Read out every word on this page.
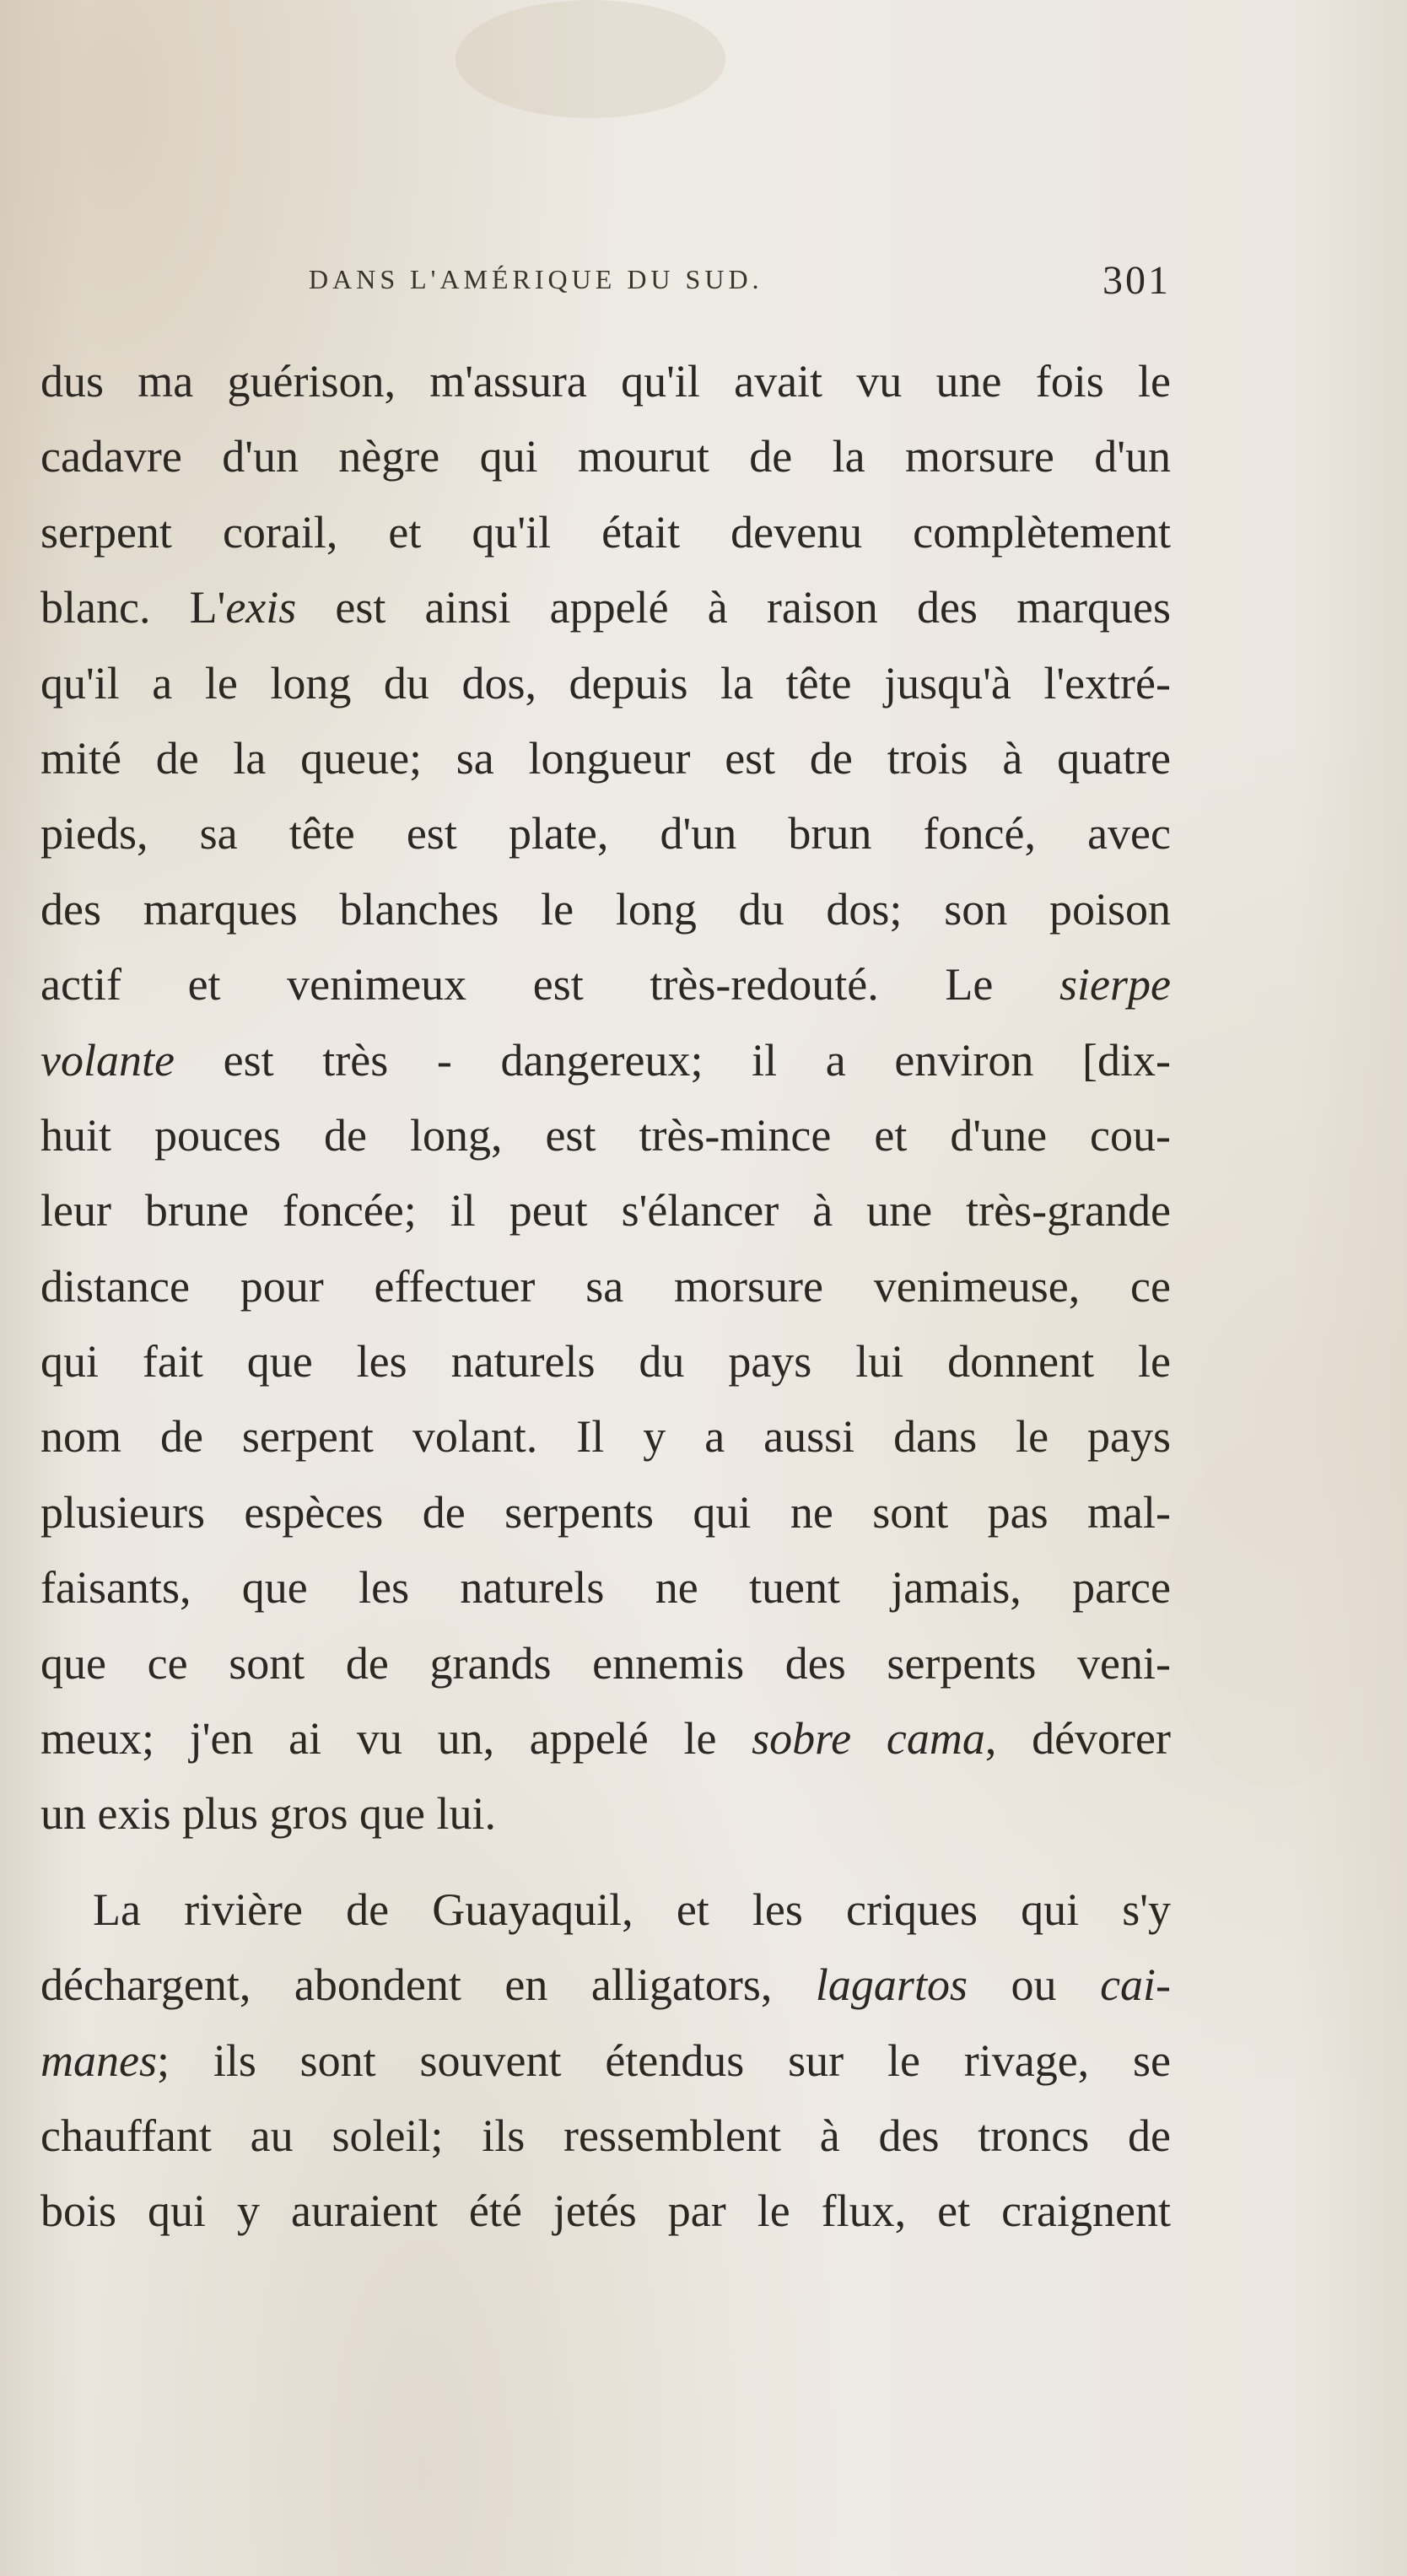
DANS L'AMÉRIQUE DU SUD.	301
dus ma guérison, m'assura qu'il avait vu une fois le
cadavre d'un nègre qui mourut de la morsure d'un
serpent corail, et qu'il était devenu complètement
blanc. L'exis est ainsi appelé à raison des marques
qu'il a le long du dos, depuis la tête jusqu'à l'extré-
mité de la queue; sa longueur est de trois à quatre
pieds, sa tête est plate, d'un brun foncé, avec
des marques blanches le long du dos; son poison
actif et venimeux est très-redouté. Le sierpe
volante est très - dangereux; il a environ [dix-
huit pouces de long, est très-mince et d'une cou-
leur brune foncée; il peut s'élancer à une très-grande
distance pour effectuer sa morsure venimeuse, ce
qui fait que les naturels du pays lui donnent le
nom de serpent volant. Il y a aussi dans le pays
plusieurs espèces de serpents qui ne sont pas mal-
faisants, que les naturels ne tuent jamais, parce
que ce sont de grands ennemis des serpents veni-
meux; j'en ai vu un, appelé le sobre cama, dévorer
un exis plus gros que lui.
La rivière de Guayaquil, et les criques qui s'y
déchargent, abondent en alligators, lagartos ou cai-
manes; ils sont souvent étendus sur le rivage, se
chauffant au soleil; ils ressemblent à des troncs de
bois qui y auraient été jetés par le flux, et craignent
